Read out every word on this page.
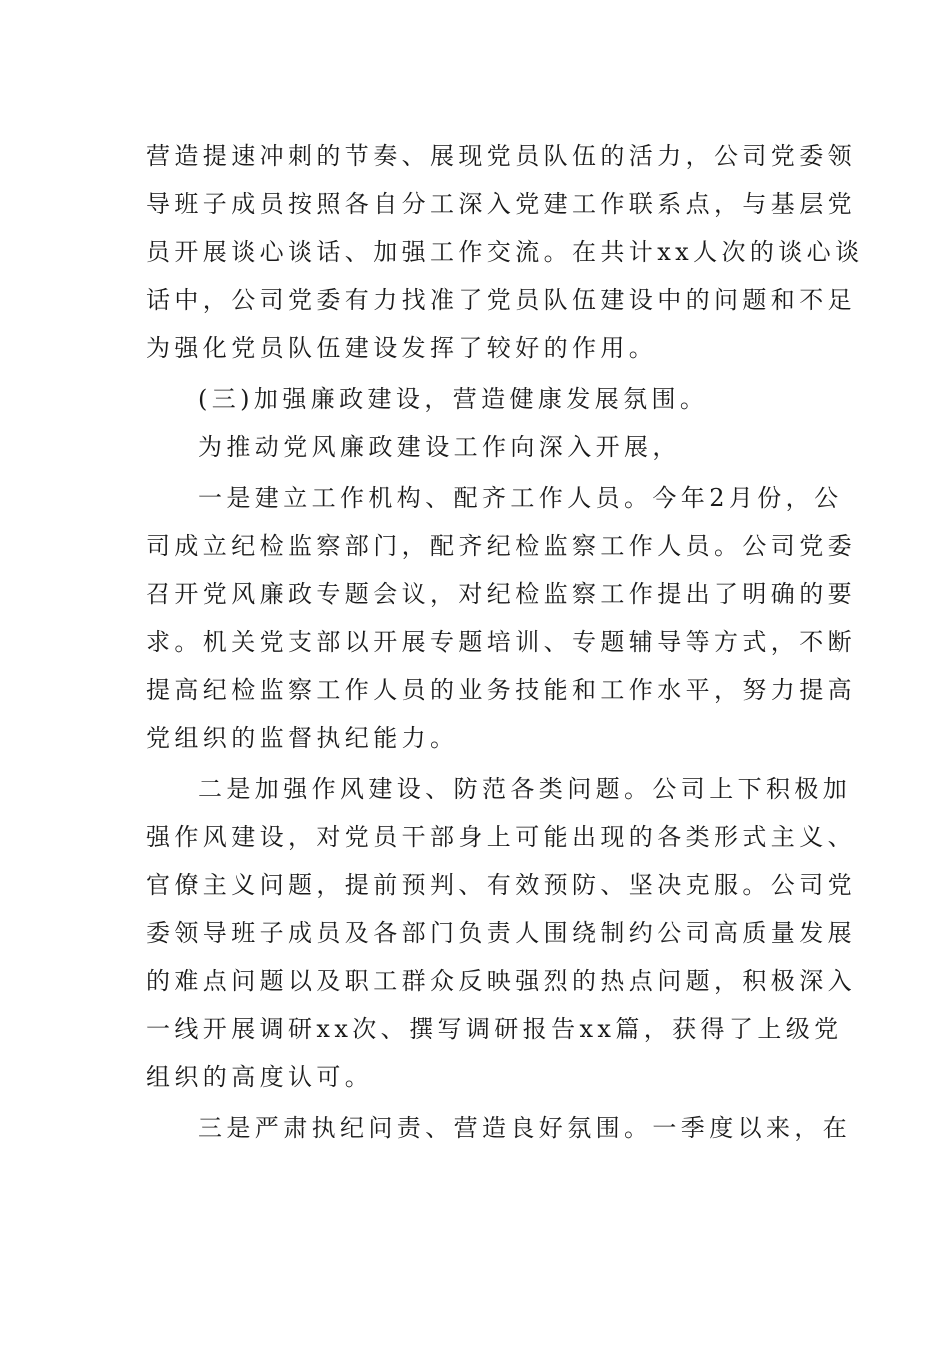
营造提速冲刺的节奏、展现党员队伍的活力，公司党委领
导班子成员按照各自分工深入党建工作联系点，与基层党
员开展谈心谈话、加强工作交流。在共计xx人次的谈心谈
话中，公司党委有力找准了党员队伍建设中的问题和不足
为强化党员队伍建设发挥了较好的作用。
(三)加强廉政建设，营造健康发展氛围。
为推动党风廉政建设工作向深入开展，
一是建立工作机构、配齐工作人员。今年2月份，公
司成立纪检监察部门，配齐纪检监察工作人员。公司党委
召开党风廉政专题会议，对纪检监察工作提出了明确的要
求。机关党支部以开展专题培训、专题辅导等方式，不断
提高纪检监察工作人员的业务技能和工作水平，努力提高
党组织的监督执纪能力。
二是加强作风建设、防范各类问题。公司上下积极加
强作风建设，对党员干部身上可能出现的各类形式主义、
官僚主义问题，提前预判、有效预防、坚决克服。公司党
委领导班子成员及各部门负责人围绕制约公司高质量发展
的难点问题以及职工群众反映强烈的热点问题，积极深入
一线开展调研xx次、撰写调研报告xx篇，获得了上级党
组织的高度认可。
三是严肃执纪问责、营造良好氛围。一季度以来，在
